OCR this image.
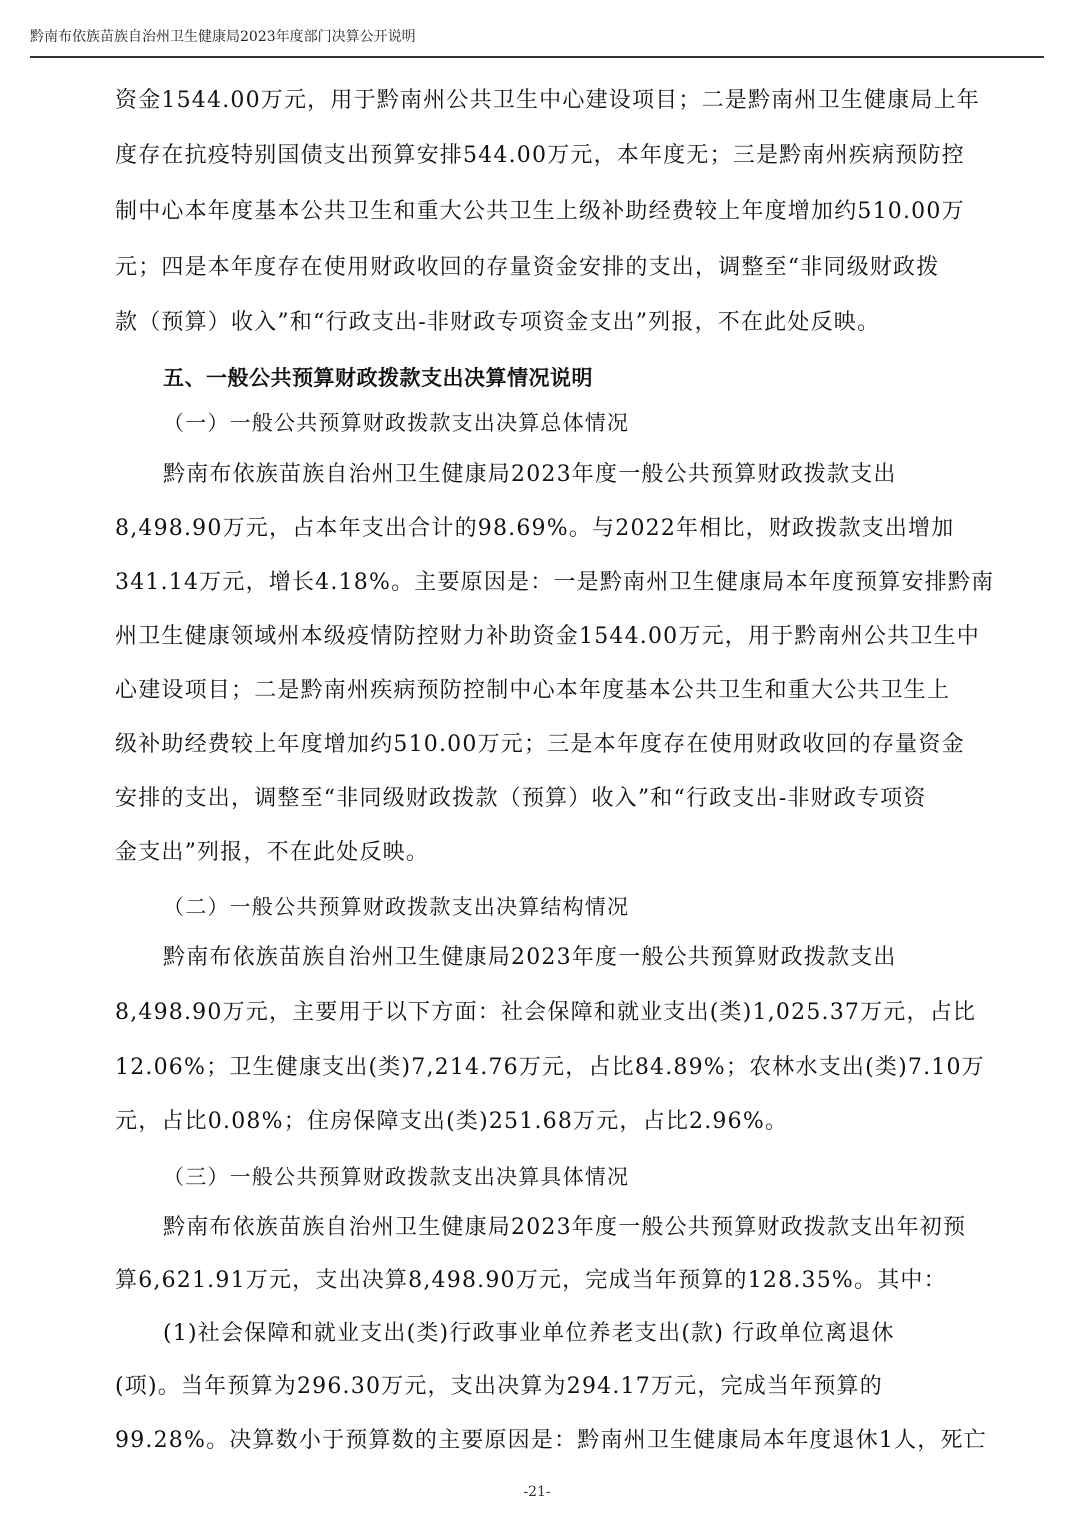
黔南布依族苗族自治州卫生健康局2023年度部门决算公开说明
资金1544.00万元，用于黔南州公共卫生中心建设项目；二是黔南州卫生健康局上年
度存在抗疫特别国债支出预算安排544.00万元，本年度无；三是黔南州疾病预防控
制中心本年度基本公共卫生和重大公共卫生上级补助经费较上年度增加约510.00万
元；四是本年度存在使用财政收回的存量资金安排的支出，调整至“非同级财政拨
款（预算）收入”和“行政支出-非财政专项资金支出”列报，不在此处反映。
五、一般公共预算财政拨款支出决算情况说明
（一）一般公共预算财政拨款支出决算总体情况
黔南布依族苗族自治州卫生健康局2023年度一般公共预算财政拨款支出
8,498.90万元，占本年支出合计的98.69%。与2022年相比，财政拨款支出增加
341.14万元，增长4.18%。主要原因是：一是黔南州卫生健康局本年度预算安排黔南
州卫生健康领域州本级疫情防控财力补助资金1544.00万元，用于黔南州公共卫生中
心建设项目；二是黔南州疾病预防控制中心本年度基本公共卫生和重大公共卫生上
级补助经费较上年度增加约510.00万元；三是本年度存在使用财政收回的存量资金
安排的支出，调整至“非同级财政拨款（预算）收入”和“行政支出-非财政专项资
金支出”列报，不在此处反映。
（二）一般公共预算财政拨款支出决算结构情况
黔南布依族苗族自治州卫生健康局2023年度一般公共预算财政拨款支出
8,498.90万元，主要用于以下方面：社会保障和就业支出(类)1,025.37万元，占比
12.06%；卫生健康支出(类)7,214.76万元，占比84.89%；农林水支出(类)7.10万
元，占比0.08%；住房保障支出(类)251.68万元，占比2.96%。
（三）一般公共预算财政拨款支出决算具体情况
黔南布依族苗族自治州卫生健康局2023年度一般公共预算财政拨款支出年初预
算6,621.91万元，支出决算8,498.90万元，完成当年预算的128.35%。其中：
(1)社会保障和就业支出(类)行政事业单位养老支出(款) 行政单位离退休
(项)。当年预算为296.30万元，支出决算为294.17万元，完成当年预算的
99.28%。决算数小于预算数的主要原因是：黔南州卫生健康局本年度退休1人，死亡
-21-
